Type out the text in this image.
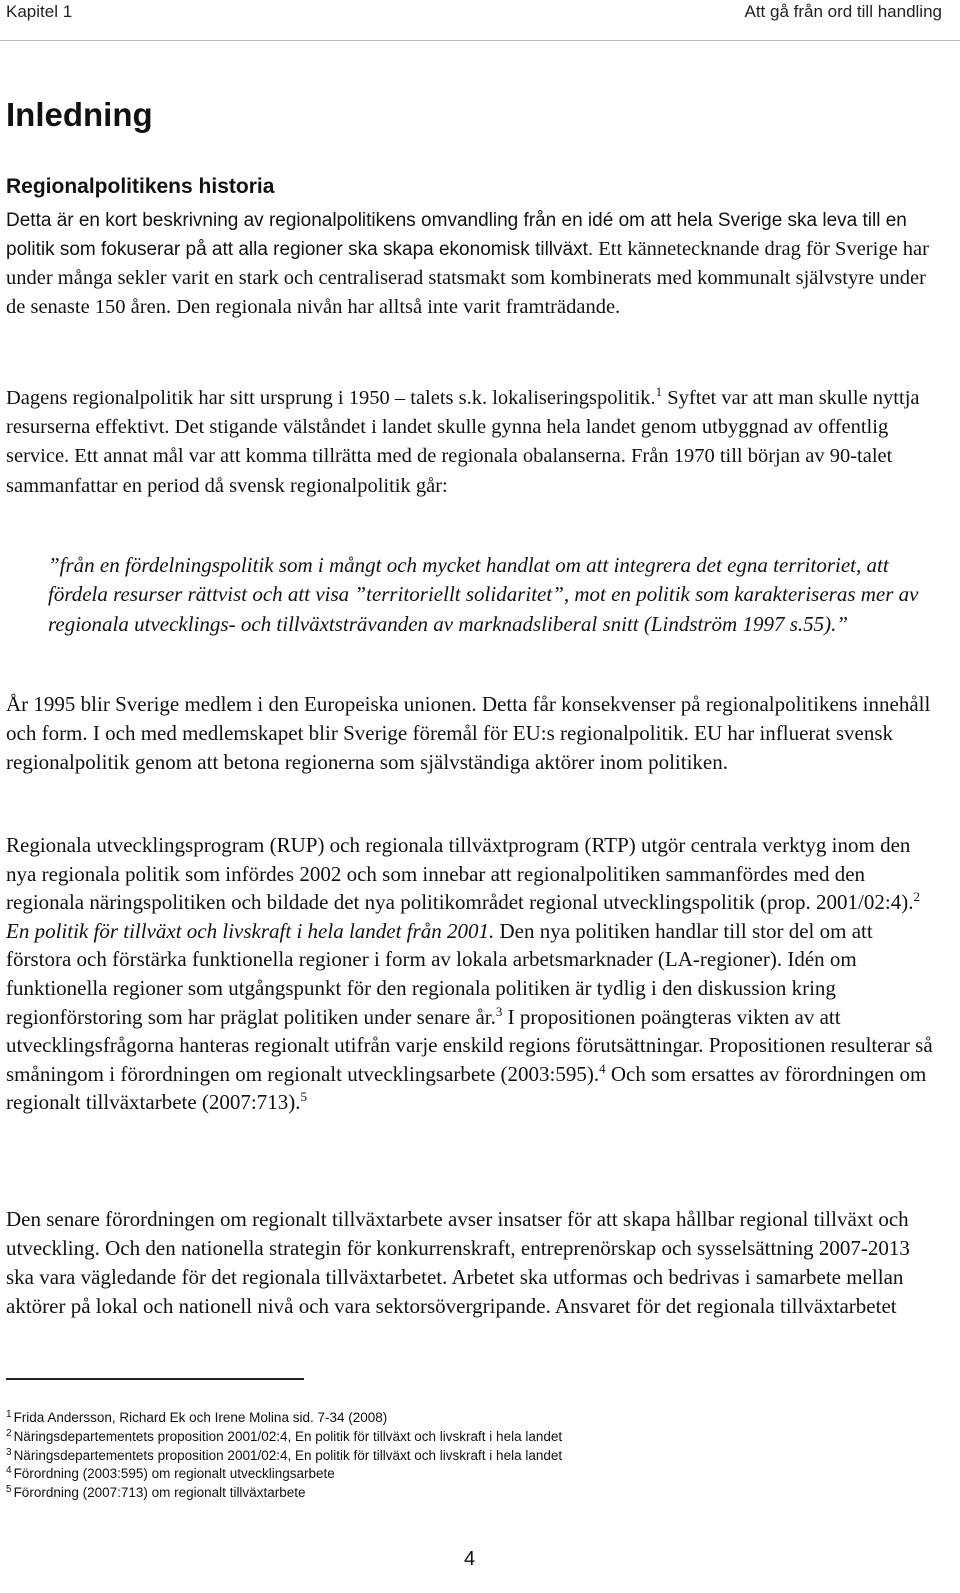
Kapitel 1	Att gå från ord till handling
Inledning
Regionalpolitikens historia

Detta är en kort beskrivning av regionalpolitikens omvandling från en idé om att hela Sverige ska leva till en politik som fokuserar på att alla regioner ska skapa ekonomisk tillväxt. Ett kännetecknande drag för Sverige har under många sekler varit en stark och centraliserad statsmakt som kombinerats med kommunalt självstyre under de senaste 150 åren. Den regionala nivån har alltså inte varit framträdande.

Dagens regionalpolitik har sitt ursprung i 1950 – talets s.k. lokaliseringspolitik.$^1$ Syftet var att man skulle nyttja resurserna effektivt. Det stigande välståndet i landet skulle gynna hela landet genom utbyggnad av offentlig service. Ett annat mål var att komma tillrätta med de regionala obalanserna. Från 1970 till början av 90-talet sammanfattar en period då svensk regionalpolitik går:

”från en fördelningspolitik som i mångt och mycket handlat om att integrera det egna territoriet, att fördela resurser rättvist och att visa ”territoriellt solidaritet”, mot en politik som karakteriseras mer av regionala utvecklings- och tillväxtsträvanden av marknadsliberal snitt (Lindström 1997 s.55).”

År 1995 blir Sverige medlem i den Europeiska unionen. Detta får konsekvenser på regionalpolitikens innehåll och form. I och med medlemskapet blir Sverige föremål för EU:s regionalpolitik. EU har influerat svensk regionalpolitik genom att betona regionerna som självständiga aktörer inom politiken.

Regionala utvecklingsprogram (RUP) och regionala tillväxtprogram (RTP) utgör centrala verktyg inom den nya regionala politik som infördes 2002 och som innebar att regionalpolitiken sammanfördes med den regionala näringspolitiken och bildade det nya politikområdet regional utvecklingspolitik (prop. 2001/02:4).$^2$ En politik för tillväxt och livskraft i hela landet från 2001. Den nya politiken handlar till stor del om att förstora och förstärka funktionella regioner i form av lokala arbetsmarknader (LA-regioner). Idén om funktionella regioner som utgångspunkt för den regionala politiken är tydlig i den diskussion kring regionförstoring som har präglat politiken under senare år.$^3$ I propositionen poängteras vikten av att utvecklingsfrågorna hanteras regionalt utifrån varje enskild regions förutsättningar. Propositionen resulterar så småningom i förordningen om regionalt utvecklingsarbete (2003:595).$^4$ Och som ersattes av förordningen om regionalt tillväxtarbete (2007:713).$^5$

Den senare förordningen om regionalt tillväxtarbete avser insatser för att skapa hållbar regional tillväxt och utveckling. Och den nationella strategin för konkurrenskraft, entreprenörskap och sysselsättning 2007-2013 ska vara vägledande för det regionala tillväxtarbetet. Arbetet ska utformas och bedrivas i samarbete mellan aktörer på lokal och nationell nivå och vara sektorsövergripande. Ansvaret för det regionala tillväxtarbetet

$^1$ Frida Andersson, Richard Ek och Irene Molina sid. 7-34 (2008)
$^2$ Näringsdepartementets proposition 2001/02:4, En politik för tillväxt och livskraft i hela landet
$^3$ Näringsdepartementets proposition 2001/02:4, En politik för tillväxt och livskraft i hela landet
$^4$ Förordning (2003:595) om regionalt utvecklingsarbete
$^5$ Förordning (2007:713) om regionalt tillväxtarbete
4
